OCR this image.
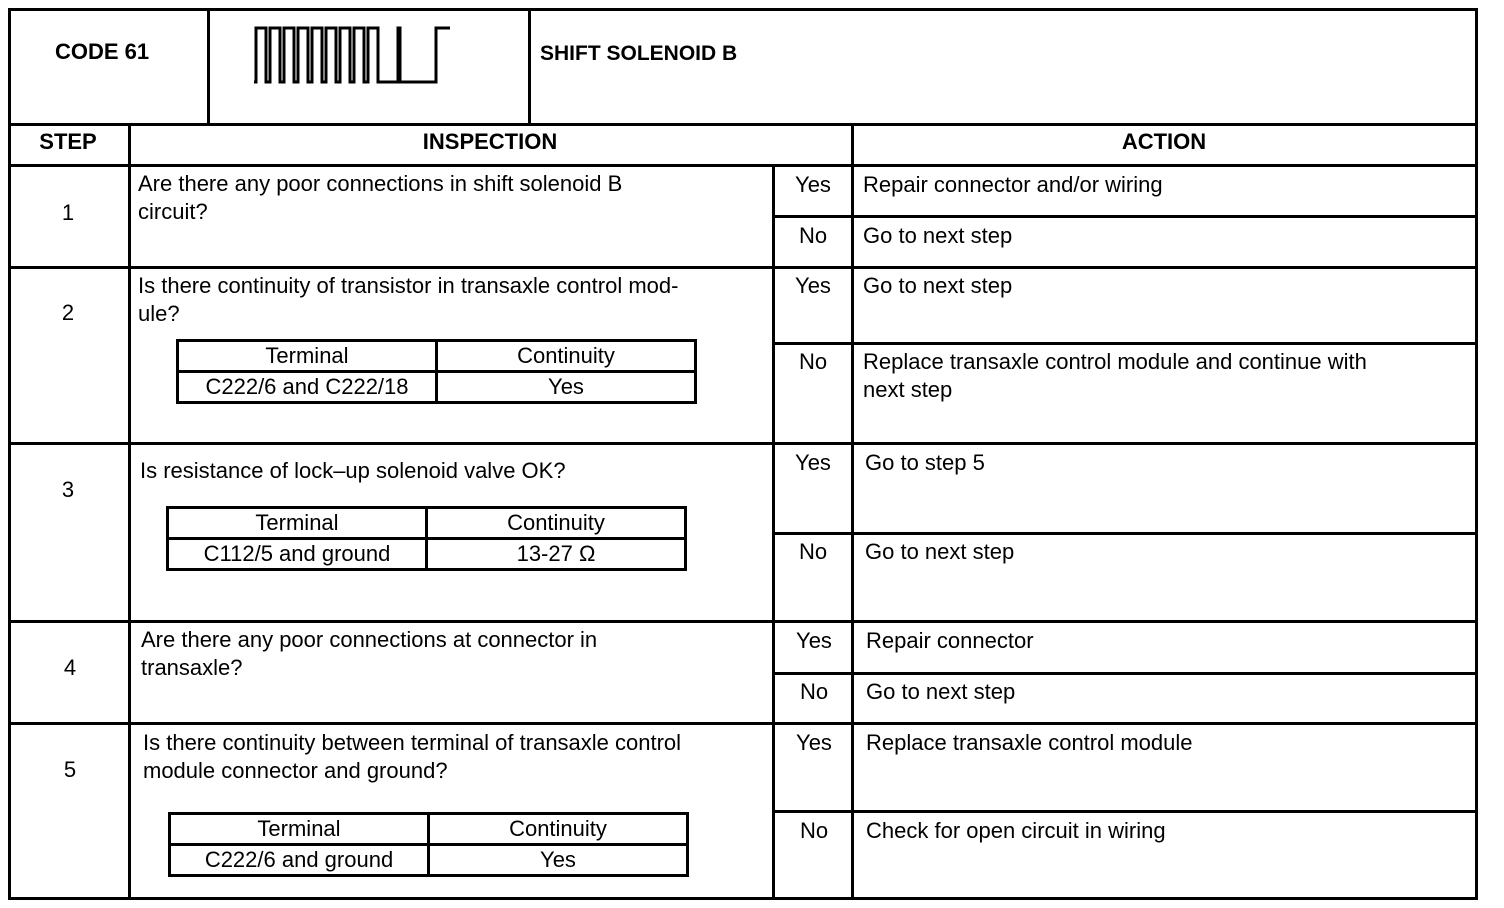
CODE 61	SHIFT SOLENOID B
STEP	INSPECTION	ACTION
1
Are there any poor connections in shift solenoid B
circuit?
Yes	Repair connector and/or wiring
No	Go to next step
2
Is there continuity of transistor in transaxle control mod-
ule?
Terminal	Continuity
C222/6 and C222/18	Yes
Yes	Go to next step
No	Replace transaxle control module and continue with
next step
3
Is resistance of lock–up solenoid valve OK?
Terminal	Continuity
C112/5 and ground	13-27 Ω
Yes	Go to step 5
No	Go to next step
4
Are there any poor connections at connector in
transaxle?
Yes	Repair connector
No	Go to next step
5
Is there continuity between terminal of transaxle control
module connector and ground?
Terminal	Continuity
C222/6 and ground	Yes
Yes	Replace transaxle control module
No	Check for open circuit in wiring
